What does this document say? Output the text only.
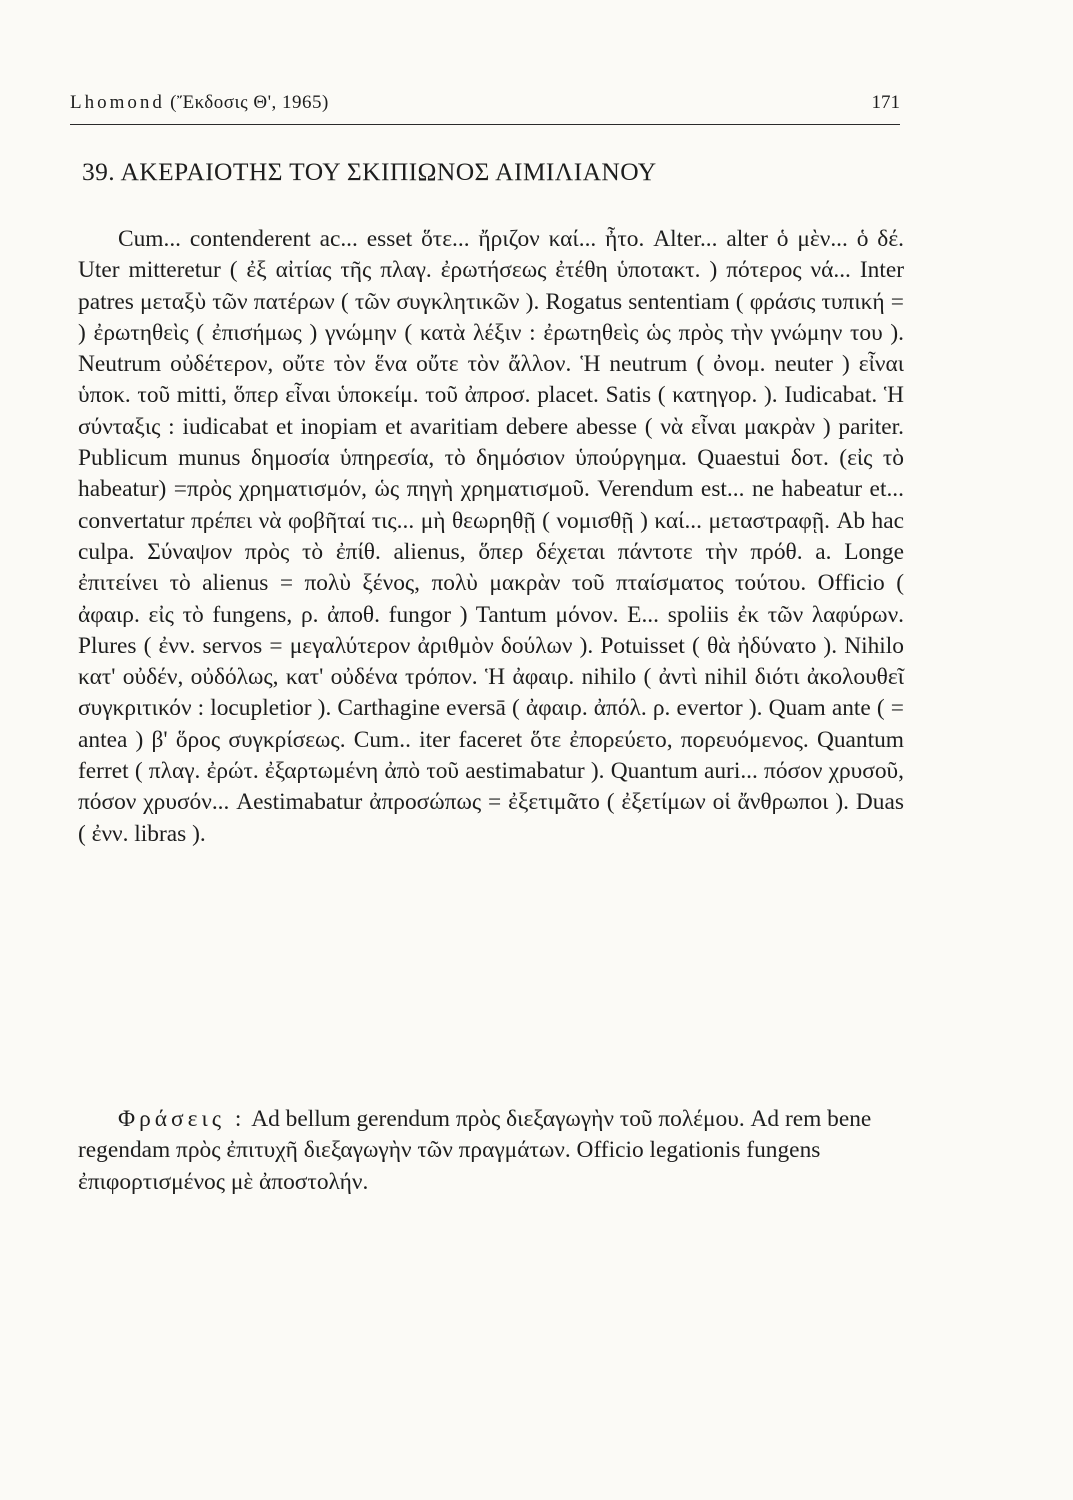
Lhomond (Ἔκδοσις Θ', 1965)	171
39. ΑΚΕΡΑΙΟΤΗΣ ΤΟΥ ΣΚΙΠΙΩΝΟΣ ΑΙΜΙΛΙΑΝΟΥ

Cum... contenderent ac... esset ὅτε... ἤριζον καί... ἦτο. Alter... alter ὁ μὲν... ὁ δέ. Uter mitteretur ( ἐξ αἰτίας τῆς πλαγ. ἐρωτήσεως ἐτέθη ὑποτακτ. ) πότερος νά... Inter patres μεταξὺ τῶν πατέρων ( τῶν συγκλητικῶν ). Rogatus sententiam ( φράσις τυπική = ) ἐρωτηθεὶς ( ἐπισήμως ) γνώμην ( κατὰ λέξιν : ἐρωτηθεὶς ὡς πρὸς τὴν γνώμην του ). Neutrum οὐδέτερον, οὔτε τὸν ἕνα οὔτε τὸν ἄλλον. Ἡ neutrum ( ὀνομ. neuter ) εἶναι ὑποκ. τοῦ mitti, ὅπερ εἶναι ὑποκείμ. τοῦ ἀπροσ. placet. Satis ( κατηγορ. ). Iudicabat. Ἡ σύνταξις : iudicabat et inopiam et avaritiam debere abesse ( νὰ εἶναι μακρὰν ) pariter. Publicum munus δημοσία ὑπηρεσία, τὸ δημόσιον ὑπούργημα. Quaestui δοτ. (εἰς τὸ habeatur) =πρὸς χρηματισμόν, ὡς πηγὴ χρηματισμοῦ. Verendum est... ne habeatur et... convertatur πρέπει νὰ φοβῆταί τις... μὴ θεωρηθῇ ( νομισθῇ ) καί... μεταστραφῇ. Ab hac culpa. Σύναψον πρὸς τὸ ἐπίθ. alienus, ὅπερ δέχεται πάντοτε τὴν πρόθ. a. Longe ἐπιτείνει τὸ alienus = πολὺ ξένος, πολὺ μακρὰν τοῦ πταίσματος τούτου. Officio ( ἀφαιρ. εἰς τὸ fungens, ρ. ἀποθ. fungor ) Tantum μόνον. E... spoliis ἐκ τῶν λαφύρων. Plures ( ἐνν. servos = μεγαλύτερον ἀριθμὸν δούλων ). Potuisset ( θὰ ἠδύνατο ). Nihilo κατ' οὐδέν, οὐδόλως, κατ' οὐδένα τρόπον. Ἡ ἀφαιρ. nihilo ( ἀντὶ nihil διότι ἀκολουθεῖ συγκριτικόν : locupletior ). Carthagine eversā ( ἀφαιρ. ἀπόλ. ρ. evertor ). Quam ante ( = antea ) β' ὅρος συγκρίσεως. Cum.. iter faceret ὅτε ἐπορεύετο, πορευόμενος. Quantum ferret ( πλαγ. ἐρώτ. ἐξαρτωμένη ἀπὸ τοῦ aestimabatur ). Quantum auri... πόσον χρυσοῦ, πόσον χρυσόν... Aestimabatur ἀπροσώπως = ἐξετιμᾶτο ( ἐξετίμων οἱ ἄνθρωποι ). Duas ( ἐνν. libras ).

Φράσεις : Ad bellum gerendum πρὸς διεξαγωγὴν τοῦ πολέμου. Ad rem bene regendam πρὸς ἐπιτυχῆ διεξαγωγὴν τῶν πραγμάτων. Officio legationis fungens ἐπιφορτισμένος μὲ ἀποστολήν.
